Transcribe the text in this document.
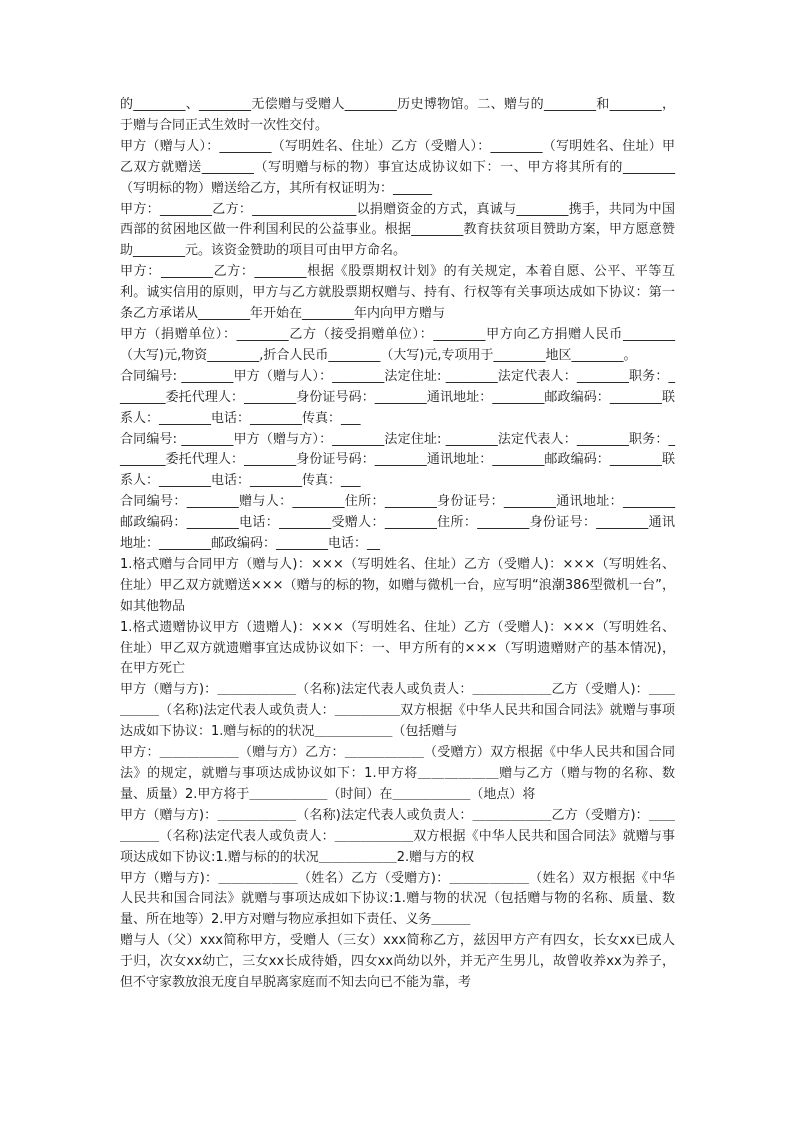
的________、________无偿赠与受赠人________历史博物馆。二、赠与的________和________，于赠与合同正式生效时一次性交付。

甲方（赠与人）：________（写明姓名、住址）乙方（受赠人）：________（写明姓名、住址）甲乙双方就赠送________（写明赠与标的物）事宜达成协议如下：一、甲方将其所有的________（写明标的物）赠送给乙方，其所有权证明为：______

甲方：________乙方：________________以捐赠资金的方式，真诚与________携手，共同为中国西部的贫困地区做一件利国利民的公益事业。根据________教育扶贫项目赞助方案，甲方愿意赞助________元。该资金赞助的项目可由甲方命名。

甲方：________乙方：________根据《股票期权计划》的有关规定，本着自愿、公平、平等互利。诚实信用的原则，甲方与乙方就股票期权赠与、持有、行权等有关事项达成如下协议：第一条乙方承诺从________年开始在________年内向甲方赠与

甲方（捐赠单位）：________乙方（接受捐赠单位）：________甲方向乙方捐赠人民币________（大写)元,物资________,折合人民币________（大写)元,专项用于________地区________。

合同编号: ________甲方（赠与人）：________法定住址: ________法定代表人：________职务：________委托代理人：________身份证号码：________通讯地址：________邮政编码：________联系人：________电话：________传真：___

合同编号: ________甲方（赠与方）：________法定住址: ________法定代表人：________职务：________委托代理人：________身份证号码：________通讯地址：________邮政编码：________联系人：________电话：________传真：___

合同编号：________赠与人：________住所：________身份证号：________通讯地址：________邮政编码：________电话：________受赠人：________住所：________身份证号：________通讯地址：________邮政编码：________电话：__

1.格式赠与合同甲方（赠与人)：×××（写明姓名、住址）乙方（受赠人)：×××（写明姓名、住址）甲乙双方就赠送×××（赠与的标的物，如赠与微机一台，应写明“浪潮386型微机一台”，如其他物品

1.格式遗赠协议甲方（遗赠人)：×××（写明姓名、住址）乙方（受赠人)：×××（写明姓名、住址）甲乙双方就遗赠事宜达成协议如下：一、甲方所有的×××（写明遗赠财产的基本情况)，在甲方死亡

甲方（赠与方)：＿＿＿＿＿＿（名称)法定代表人或负责人：＿＿＿＿＿＿乙方（受赠人)：＿＿＿＿＿（名称)法定代表人或负责人：＿＿＿＿＿双方根据《中华人民共和国合同法》就赠与事项达成如下协议：1.赠与标的的状况＿＿＿＿＿＿（包括赠与

甲方：＿＿＿＿＿＿（赠与方）乙方：＿＿＿＿＿＿（受赠方）双方根据《中华人民共和国合同法》的规定，就赠与事项达成协议如下：1.甲方将＿＿＿＿＿＿赠与乙方（赠与物的名称、数量、质量）2.甲方将于＿＿＿＿＿＿（时间）在＿＿＿＿＿＿（地点）将

甲方（赠与方)：＿＿＿＿＿＿（名称)法定代表人或负责人：＿＿＿＿＿＿乙方（受赠方)：＿＿＿＿＿（名称)法定代表人或负责人：＿＿＿＿＿＿双方根据《中华人民共和国合同法》就赠与事项达成如下协议:1.赠与标的的状况＿＿＿＿＿＿2.赠与方的权

甲方（赠与方)：＿＿＿＿＿＿（姓名）乙方（受赠方)：＿＿＿＿＿＿（姓名）双方根据《中华人民共和国合同法》就赠与事项达成如下协议:1.赠与物的状况（包括赠与物的名称、质量、数量、所在地等）2.甲方对赠与物应承担如下责任、义务＿＿＿

赠与人（父）xxx简称甲方，受赠人（三女）xxx简称乙方，兹因甲方产有四女，长女xx已成人于归，次女xx幼亡，三女xx长成待婚，四女xx尚幼以外，并无产生男儿，故曾收养xx为养子，但不守家教放浪无度自早脱离家庭而不知去向已不能为靠，考
